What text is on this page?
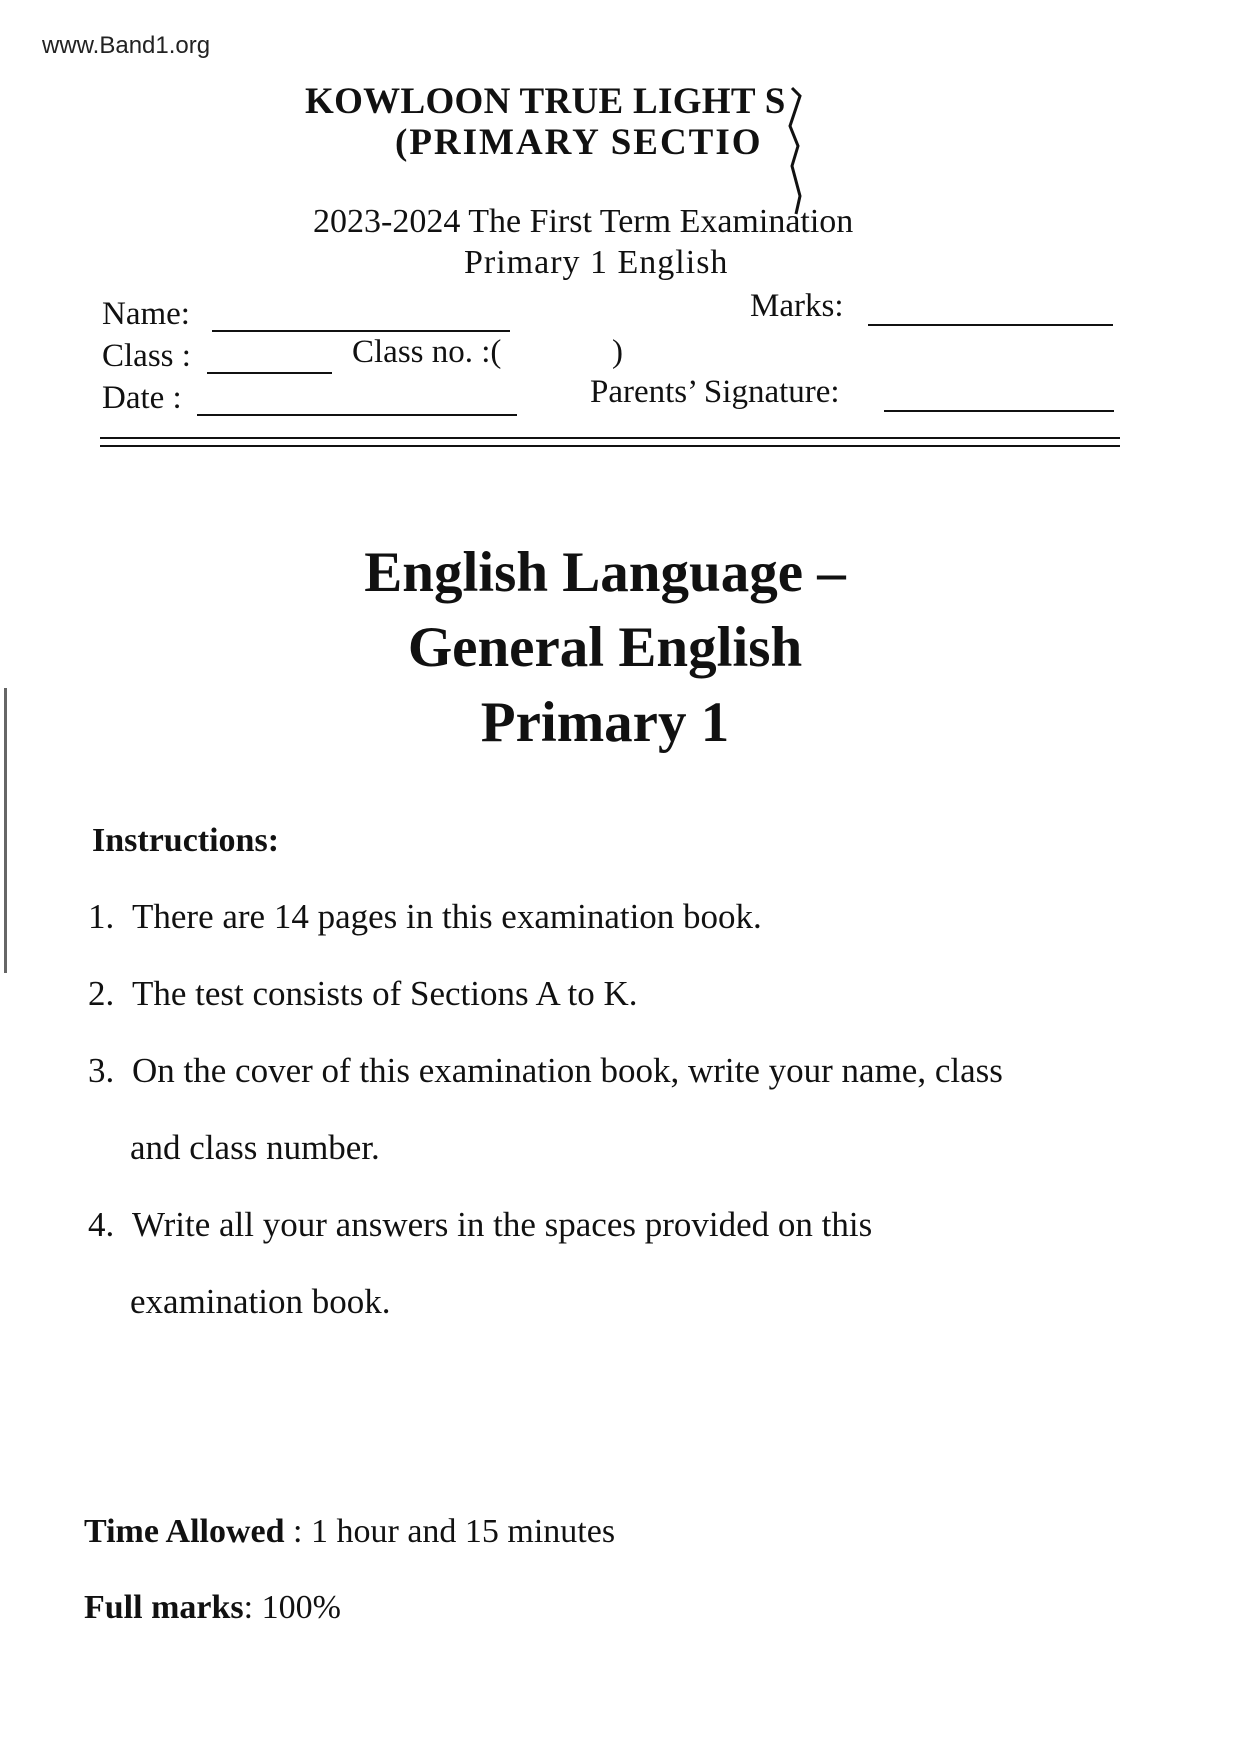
www.Band1.org
KOWLOON TRUE LIGHT S
(PRIMARY SECTIO
2023-2024 The First Term Examination
Primary 1 English
Name:	Marks:
Class :	Class no. :(	)
Date :	Parents’ Signature:
English Language –
General English
Primary 1
Instructions:
1. There are 14 pages in this examination book.
2. The test consists of Sections A to K.
3. On the cover of this examination book, write your name, class
and class number.
4. Write all your answers in the spaces provided on this
examination book.
Time Allowed : 1 hour and 15 minutes
Full marks: 100%
